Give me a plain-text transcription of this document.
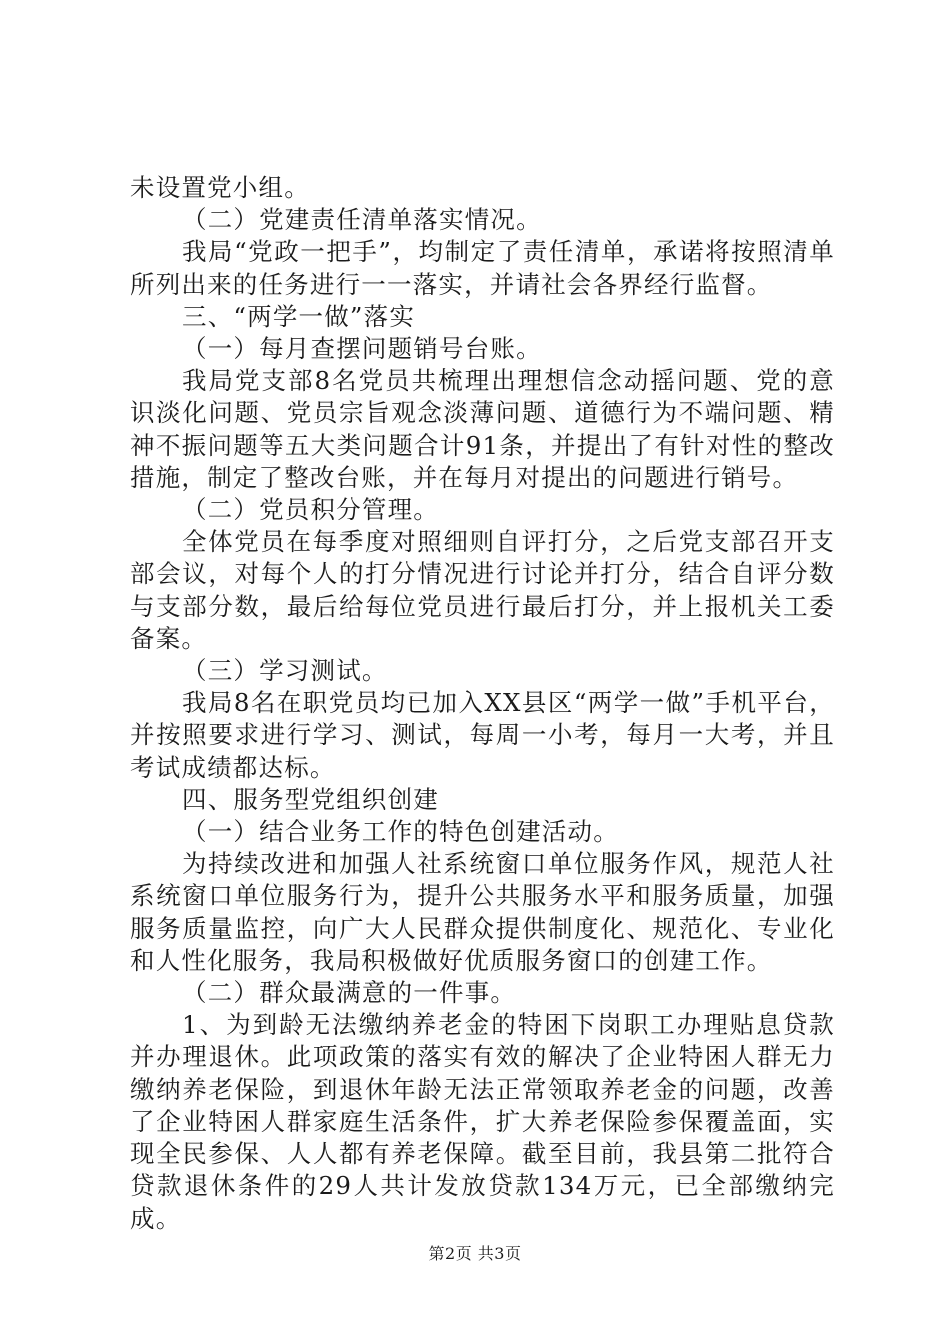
未设置党小组。

（二）党建责任清单落实情况。

我局“党政一把手”，均制定了责任清单，承诺将按照清单所列出来的任务进行一一落实，并请社会各界经行监督。

三、“两学一做”落实

（一）每月查摆问题销号台账。

我局党支部8名党员共梳理出理想信念动摇问题、党的意识淡化问题、党员宗旨观念淡薄问题、道德行为不端问题、精神不振问题等五大类问题合计91条，并提出了有针对性的整改措施，制定了整改台账，并在每月对提出的问题进行销号。

（二）党员积分管理。

全体党员在每季度对照细则自评打分，之后党支部召开支部会议，对每个人的打分情况进行讨论并打分，结合自评分数与支部分数，最后给每位党员进行最后打分，并上报机关工委备案。

（三）学习测试。

我局8名在职党员均已加入XX县区“两学一做”手机平台，并按照要求进行学习、测试，每周一小考，每月一大考，并且考试成绩都达标。

四、服务型党组织创建

（一）结合业务工作的特色创建活动。

为持续改进和加强人社系统窗口单位服务作风，规范人社系统窗口单位服务行为，提升公共服务水平和服务质量，加强服务质量监控，向广大人民群众提供制度化、规范化、专业化和人性化服务，我局积极做好优质服务窗口的创建工作。

（二）群众最满意的一件事。

1、为到龄无法缴纳养老金的特困下岗职工办理贴息贷款并办理退休。此项政策的落实有效的解决了企业特困人群无力缴纳养老保险，到退休年龄无法正常领取养老金的问题，改善了企业特困人群家庭生活条件，扩大养老保险参保覆盖面，实现全民参保、人人都有养老保障。截至目前，我县第二批符合贷款退休条件的29人共计发放贷款134万元，已全部缴纳完成。

第2页 共3页
